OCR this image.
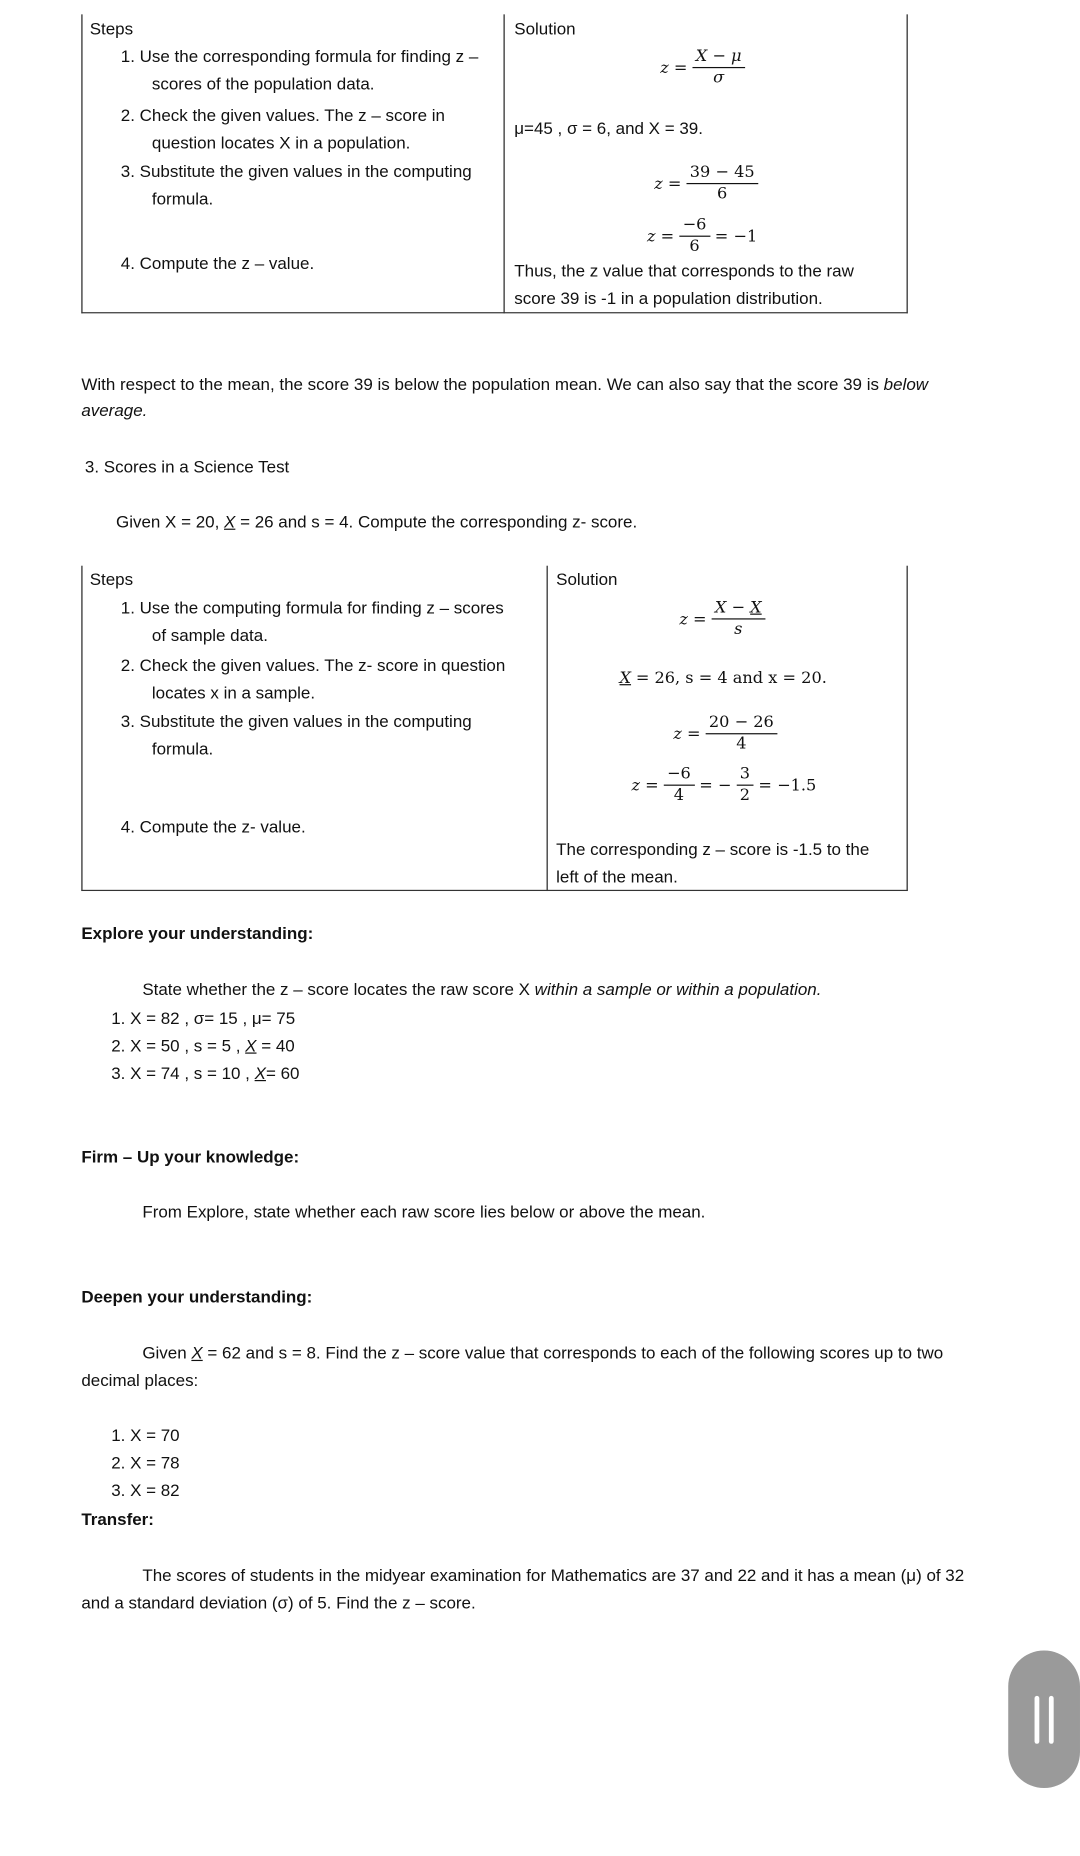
Steps	Solution
1. Use the corresponding formula for finding z –
scores of the population data.
2. Check the given values. The z – score in
question locates X in a population.
3. Substitute the given values in the computing
formula.
4. Compute the z – value.
$z = \frac{X - \mu}{\sigma}$
μ=45 , σ = 6, and X = 39.
$z = \frac{39 - 45}{6}$
$z = \frac{-6}{6} = -1$
Thus, the z value that corresponds to the raw
score 39 is -1 in a population distribution.
With respect to the mean, the score 39 is below the population mean. We can also say that the score 39 is below
average.
3. Scores in a Science Test
Given X = 20, X = 26 and s = 4. Compute the corresponding z- score.
Steps	Solution
1. Use the computing formula for finding z – scores
of sample data.
2. Check the given values. The z- score in question
locates x in a sample.
3. Substitute the given values in the computing
formula.
4. Compute the z- value.
$z = \frac{X - X}{s}$
X = 26, s = 4 and x = 20.
$z = \frac{20 - 26}{4}$
$z = \frac{-6}{4}$ = − $\frac{3}{2} = -1.5$
The corresponding z – score is -1.5 to the
left of the mean.
Explore your understanding:
State whether the z – score locates the raw score X within a sample or within a population.
1. X = 82 , σ= 15 , μ= 75
2. X = 50 , s = 5 , X = 40
3. X = 74 , s = 10 , X= 60
Firm – Up your knowledge:
From Explore, state whether each raw score lies below or above the mean.
Deepen your understanding:
Given X = 62 and s = 8. Find the z – score value that corresponds to each of the following scores up to two
decimal places:
1. X = 70
2. X = 78
3. X = 82
Transfer:
The scores of students in the midyear examination for Mathematics are 37 and 22 and it has a mean (μ) of 32
and a standard deviation (σ) of 5. Find the z – score.
